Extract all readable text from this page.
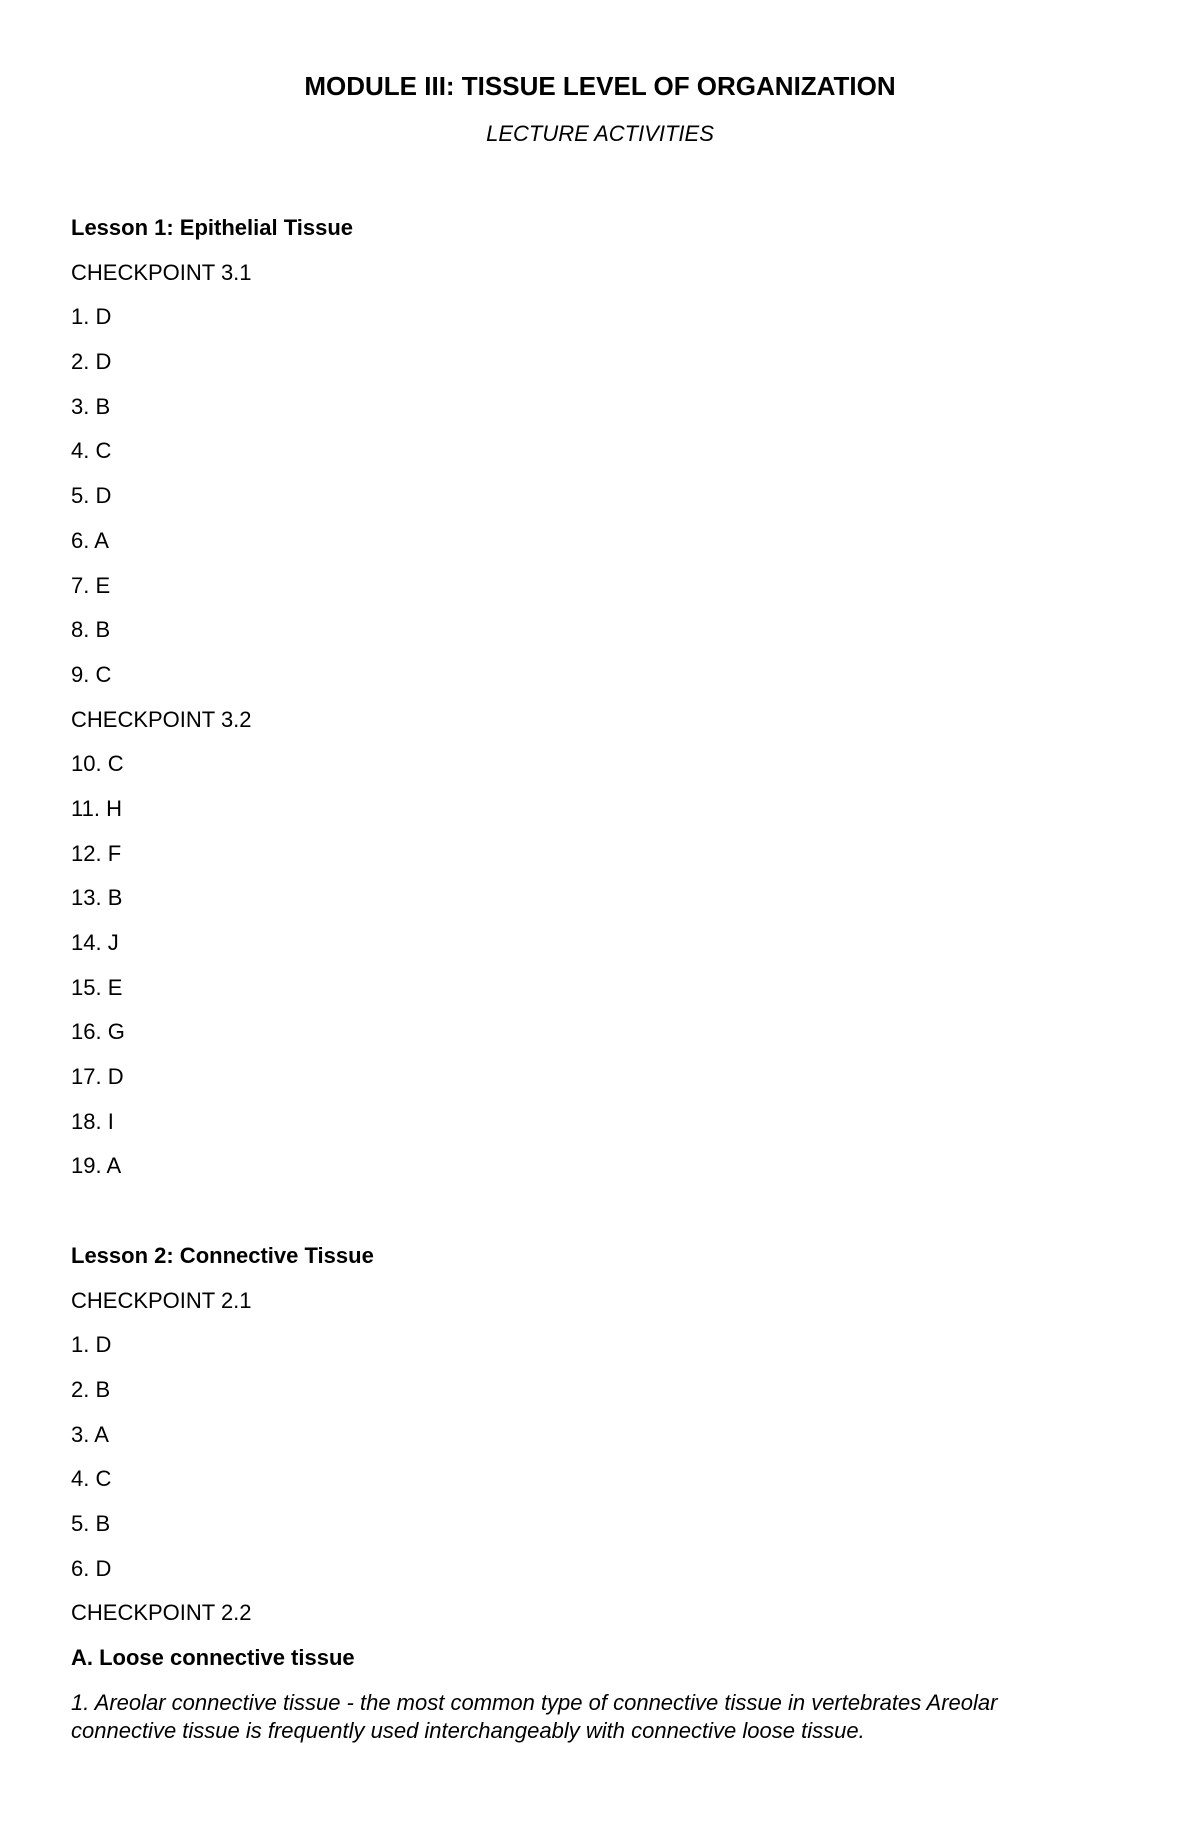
MODULE III: TISSUE LEVEL OF ORGANIZATION
LECTURE ACTIVITIES
Lesson 1: Epithelial Tissue
CHECKPOINT 3.1
1. D
2. D
3. B
4. C
5. D
6. A
7. E
8. B
9. C
CHECKPOINT 3.2
10. C
11. H
12. F
13. B
14. J
15. E
16. G
17. D
18. I
19. A
Lesson 2: Connective Tissue
CHECKPOINT 2.1
1. D
2. B
3. A
4. C
5. B
6. D
CHECKPOINT 2.2
A. Loose connective tissue
1. Areolar connective tissue - the most common type of connective tissue in vertebrates Areolar connective tissue is frequently used interchangeably with connective loose tissue.
